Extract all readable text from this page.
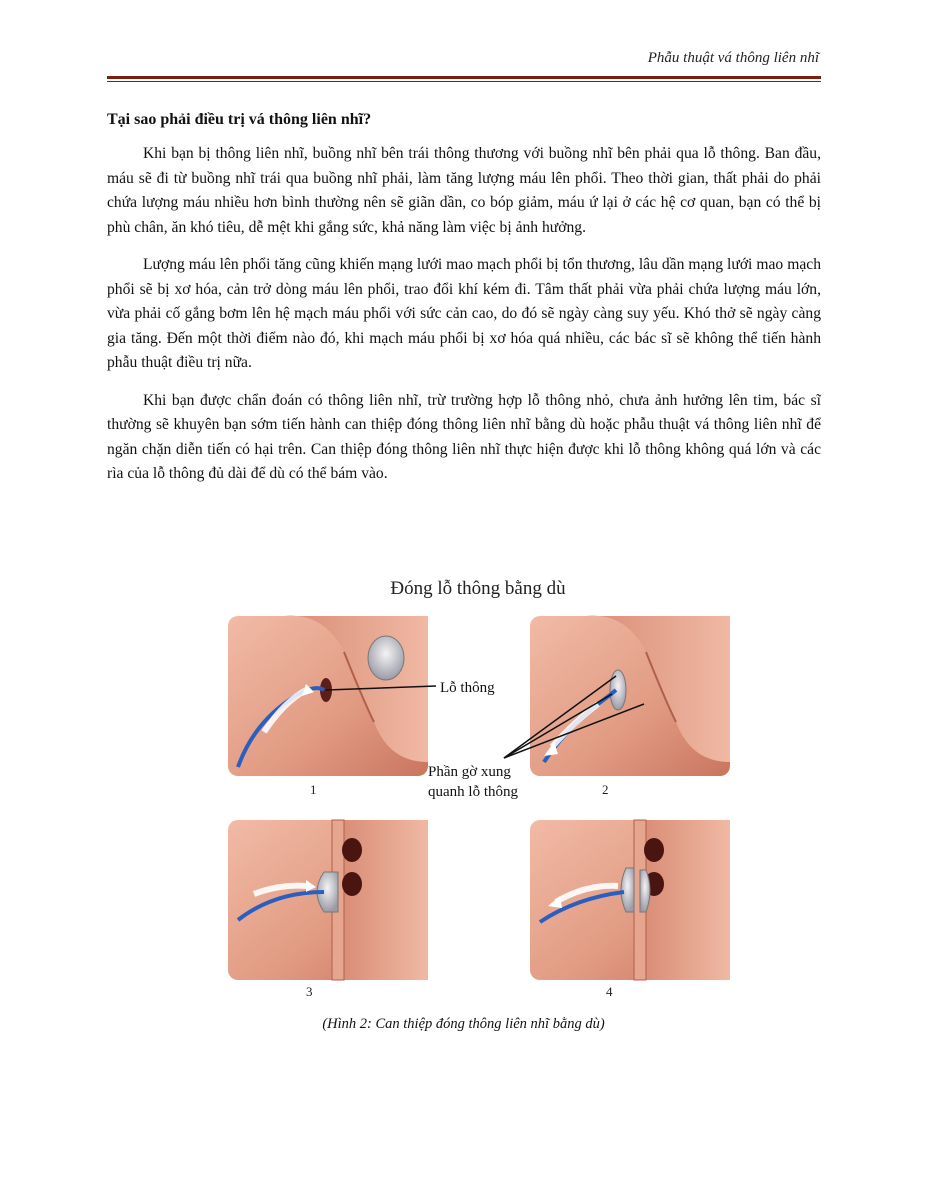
Phẫu thuật vá thông liên nhĩ
Tại sao phải điều trị vá thông liên nhĩ?

Khi bạn bị thông liên nhĩ, buồng nhĩ bên trái thông thương với buồng nhĩ bên phải qua lỗ thông. Ban đầu, máu sẽ đi từ buồng nhĩ trái qua buồng nhĩ phải, làm tăng lượng máu lên phổi. Theo thời gian, thất phải do phải chứa lượng máu nhiều hơn bình thường nên sẽ giãn dần, co bóp giảm, máu ứ lại ở các hệ cơ quan, bạn có thể bị phù chân, ăn khó tiêu, dễ mệt khi gắng sức, khả năng làm việc bị ảnh hưởng.

Lượng máu lên phổi tăng cũng khiến mạng lưới mao mạch phổi bị tổn thương, lâu dần mạng lưới mao mạch phổi sẽ bị xơ hóa, cản trở dòng máu lên phổi, trao đổi khí kém đi. Tâm thất phải vừa phải chứa lượng máu lớn, vừa phải cố gắng bơm lên hệ mạch máu phổi với sức cản cao, do đó sẽ ngày càng suy yếu. Khó thở sẽ ngày càng gia tăng. Đến một thời điểm nào đó, khi mạch máu phổi bị xơ hóa quá nhiều, các bác sĩ sẽ không thể tiến hành phẫu thuật điều trị nữa.

Khi bạn được chẩn đoán có thông liên nhĩ, trừ trường hợp lỗ thông nhỏ, chưa ảnh hưởng lên tim, bác sĩ thường sẽ khuyên bạn sớm tiến hành can thiệp đóng thông liên nhĩ bằng dù hoặc phẫu thuật vá thông liên nhĩ để ngăn chặn diễn tiến có hại trên. Can thiệp đóng thông liên nhĩ thực hiện được khi lỗ thông không quá lớn và các rìa của lỗ thông đủ dài để dù có thể bám vào.

Đóng lỗ thông bằng dù
Lỗ thông
1
Phần gờ xung
quanh lỗ thông	2
3	4
(Hình 2: Can thiệp đóng thông liên nhĩ bằng dù)
